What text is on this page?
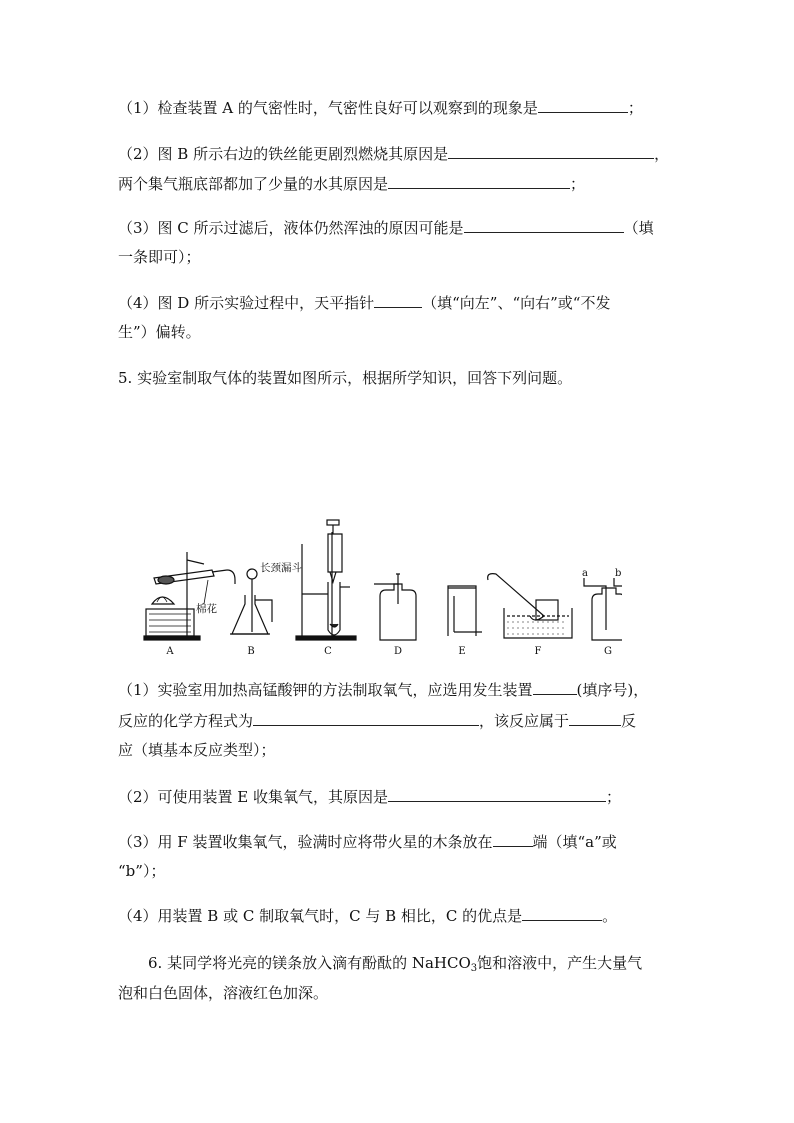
（1）检查装置 A 的气密性时，气密性良好可以观察到的现象是	；
（2）图 B 所示右边的铁丝能更剧烈燃烧其原因是	，
两个集气瓶底部都加了少量的水其原因是	；
（3）图 C 所示过滤后，液体仍然浑浊的原因可能是	（填
一条即可）；
（4）图 D 所示实验过程中，天平指针	（填“向左”、“向右”或“不发
生”）偏转。
5. 实验室制取气体的装置如图所示，根据所学知识，回答下列问题。
棉花
长颈漏斗	a	b
A	B	C	D	E	F	G
（1）实验室用加热高锰酸钾的方法制取氧气，应选用发生装置	(填序号)，
反应的化学方程式为	，该反应属于	反
应（填基本反应类型）；
（2）可使用装置 E 收集氧气，其原因是	；
（3）用 F 装置收集氧气，验满时应将带火星的木条放在	端（填“a”或
“b”）；
（4）用装置 B 或 C 制取氧气时，C 与 B 相比，C 的优点是	。
6. 某同学将光亮的镁条放入滴有酚酞的 NaHCO$_3$饱和溶液中，产生大量气
泡和白色固体，溶液红色加深。
